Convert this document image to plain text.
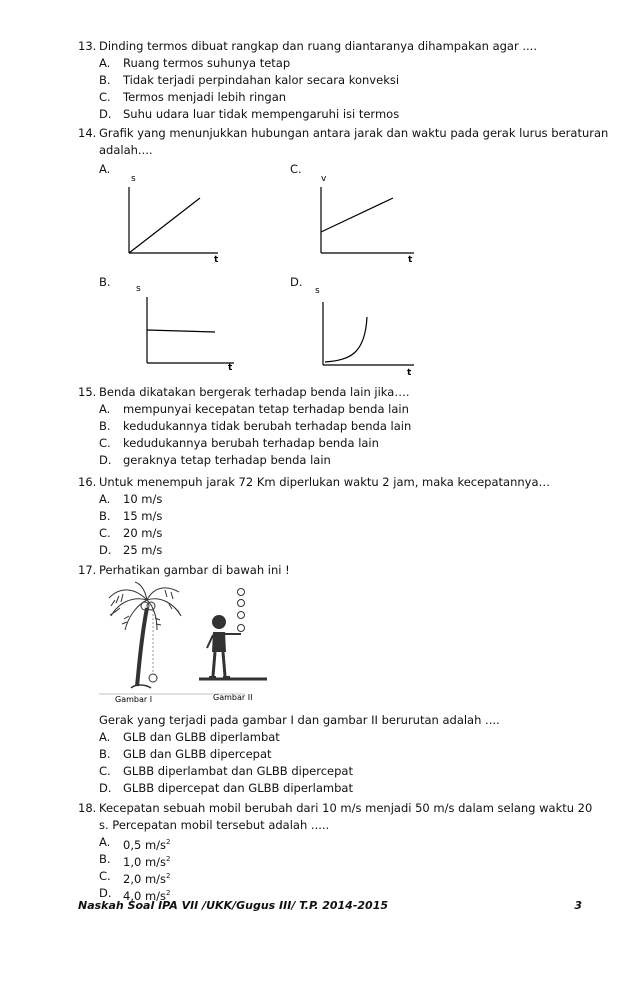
13. Dinding termos dibuat rangkap dan ruang diantaranya dihampakan agar ....
A. Ruang termos suhunya tetap
B. Tidak terjadi perpindahan kalor secara konveksi
C. Termos menjadi lebih ringan
D. Suhu udara luar tidak mempengaruhi isi termos
14. Grafik yang menunjukkan hubungan antara jarak dan waktu pada gerak lurus beraturan
adalah....
A.
s
t
C.
v
t
B.	s
t
D.
s
t
15. Benda dikatakan bergerak terhadap benda lain jika….
A. mempunyai kecepatan tetap terhadap benda lain
B. kedudukannya tidak berubah terhadap benda lain
C. kedudukannya berubah terhadap benda lain
D. geraknya tetap terhadap benda lain
16. Untuk menempuh jarak 72 Km diperlukan waktu 2 jam, maka kecepatannya…
A. 10 m/s
B. 15 m/s
C. 20 m/s
D. 25 m/s
17. Perhatikan gambar di bawah ini !
Gambar I	Gambar II
Gerak yang terjadi pada gambar I dan gambar II berurutan adalah ....
A. GLB dan GLBB diperlambat
B. GLB dan GLBB dipercepat
C. GLBB diperlambat dan GLBB dipercepat
D. GLBB dipercepat dan GLBB diperlambat
18. Kecepatan sebuah mobil berubah dari 10 m/s menjadi 50 m/s dalam selang waktu 20
s. Percepatan mobil tersebut adalah .....
A. 0,5 $m/s^2$
B. 1,0 $m/s^2$
C. 2,0 $m/s^2$
D. 4,0 $m/s^2$
Naskah Soal IPA VII /UKK/Gugus III/ T.P. 2014-2015	3
